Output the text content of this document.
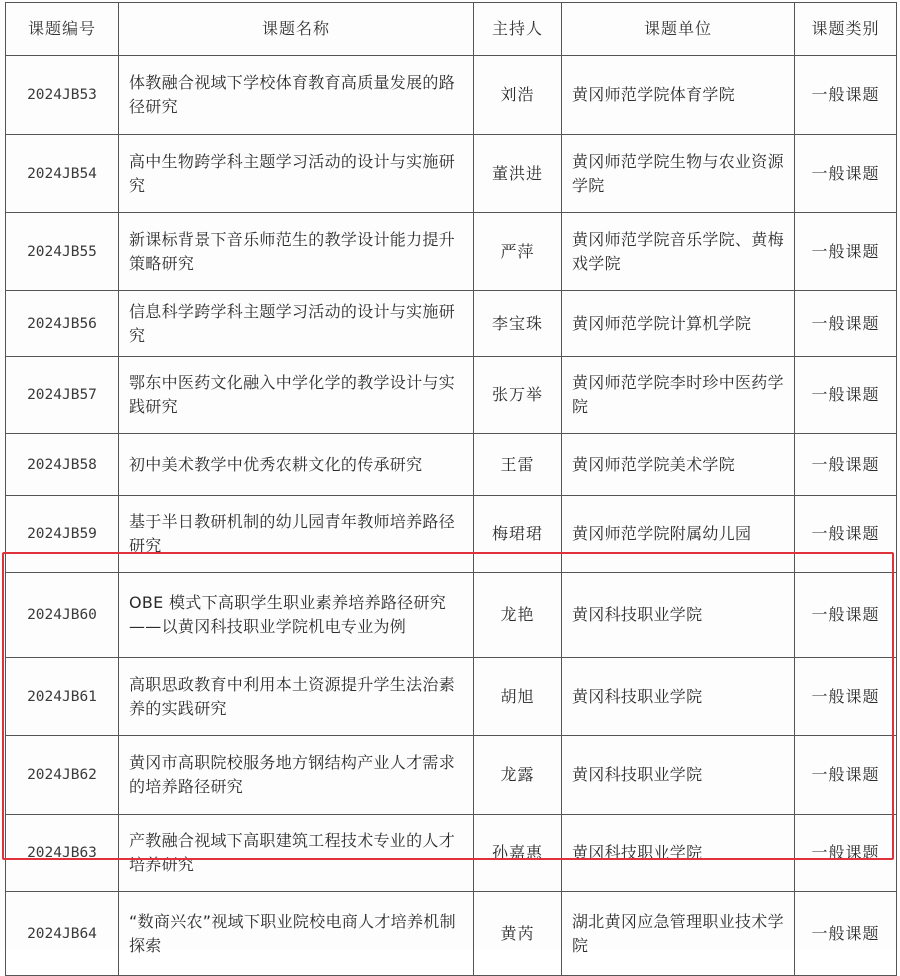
课题编号	课题名称	主持人	课题单位	课题类别
2024JB53	体教融合视域下学校体育教育高质量发展的路径研究	刘浩	黄冈师范学院体育学院	一般课题
2024JB54	高中生物跨学科主题学习活动的设计与实施研究	董洪进	黄冈师范学院生物与农业资源学院	一般课题
2024JB55	新课标背景下音乐师范生的教学设计能力提升策略研究	严萍	黄冈师范学院音乐学院、黄梅戏学院	一般课题
2024JB56	信息科学跨学科主题学习活动的设计与实施研究	李宝珠	黄冈师范学院计算机学院	一般课题
2024JB57	鄂东中医药文化融入中学化学的教学设计与实践研究	张万举	黄冈师范学院李时珍中医药学院	一般课题
2024JB58	初中美术教学中优秀农耕文化的传承研究	王雷	黄冈师范学院美术学院	一般课题
2024JB59	基于半日教研机制的幼儿园青年教师培养路径研究	梅珺珺	黄冈师范学院附属幼儿园	一般课题
2024JB60	OBE 模式下高职学生职业素养培养路径研究——以黄冈科技职业学院机电专业为例	龙艳	黄冈科技职业学院	一般课题
2024JB61	高职思政教育中利用本土资源提升学生法治素养的实践研究	胡旭	黄冈科技职业学院	一般课题
2024JB62	黄冈市高职院校服务地方钢结构产业人才需求的培养路径研究	龙露	黄冈科技职业学院	一般课题
2024JB63	产教融合视域下高职建筑工程技术专业的人才培养研究	孙嘉惠	黄冈科技职业学院	一般课题
2024JB64	“数商兴农”视域下职业院校电商人才培养机制探索	黄芮	湖北黄冈应急管理职业技术学院	一般课题
